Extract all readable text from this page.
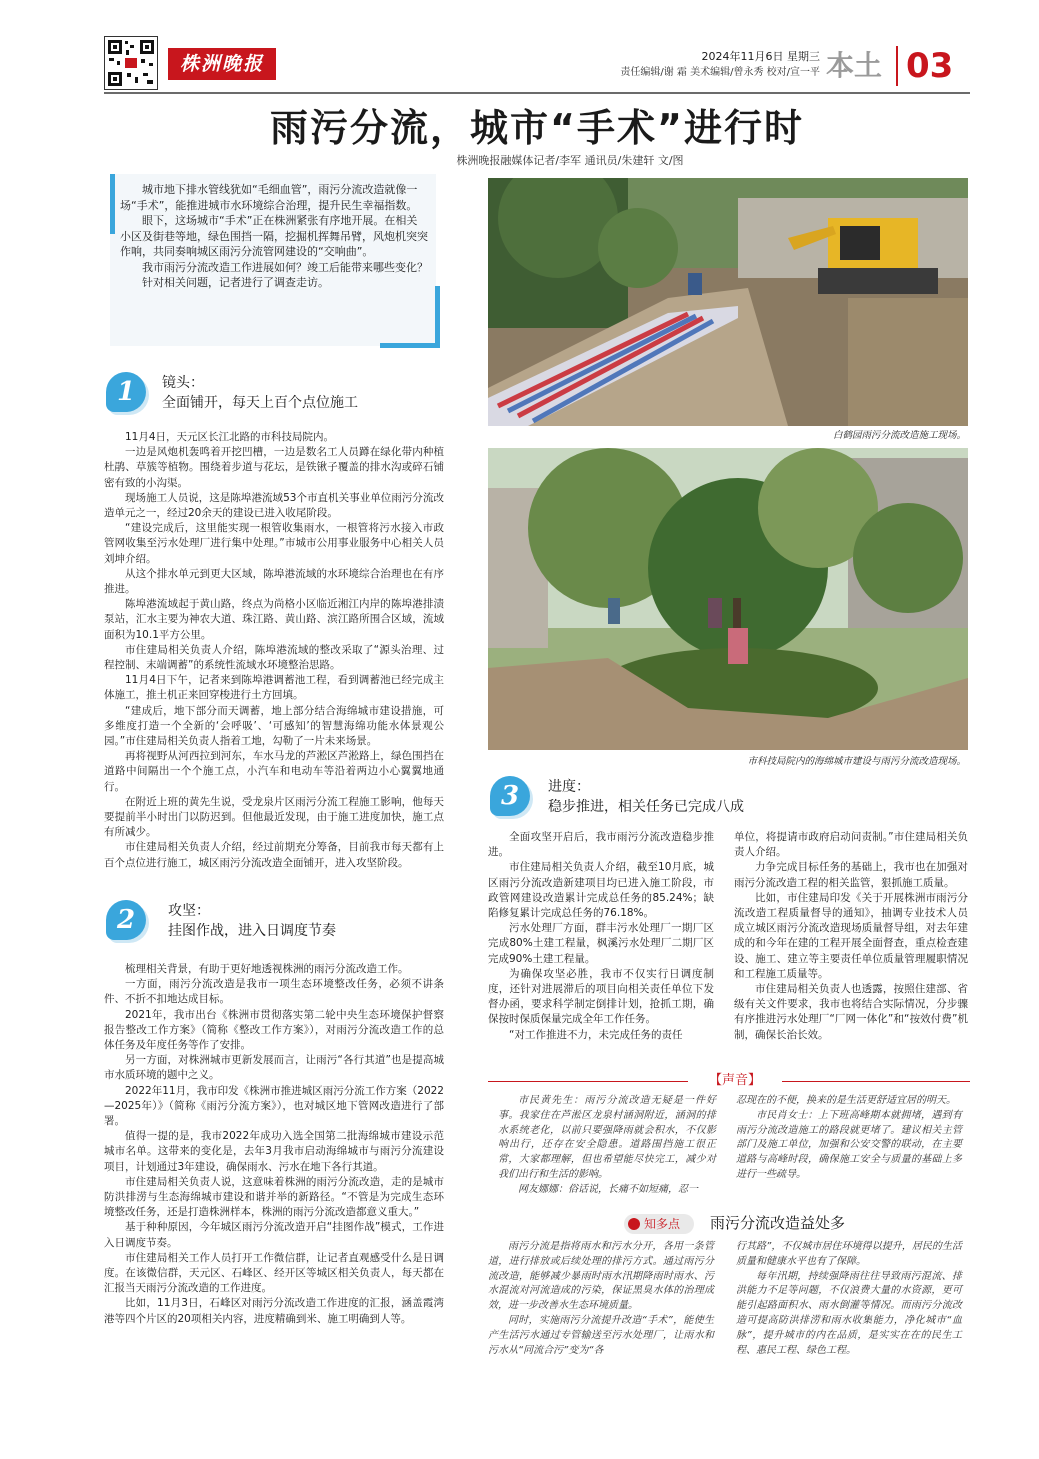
株洲晚报	2024年11月6日 星期三
责任编辑/谢 霜 美术编辑/曾永秀 校对/宣一平 本土 03
雨污分流，城市“手术”进行时
株洲晚报融媒体记者/李军 通讯员/朱建轩 文/图

城市地下排水管线犹如“毛细血管”，雨污分流改造就像一场“手术”，能推进城市水环境综合治理，提升民生幸福指数。

眼下，这场城市“手术”正在株洲紧张有序地开展。在相关小区及街巷等地，绿色围挡一隔，挖掘机挥舞吊臂，风炮机突突作响，共同奏响城区雨污分流管网建设的“交响曲”。

我市雨污分流改造工作进展如何？竣工后能带来哪些变化？

针对相关问题，记者进行了调查走访。

1	镜头：
全面铺开，每天上百个点位施工

11月4日，天元区长江北路的市科技局院内。

一边是风炮机轰鸣着开挖凹槽，一边是数名工人员蹲在绿化带内种植杜鹃、草簇等植物。围绕着步道与花坛，是铁锹子覆盖的排水沟或碎石铺密有致的小沟渠。

现场施工人员说，这是陈埠港流域53个市直机关事业单位雨污分流改造单元之一，经过20余天的建设已进入收尾阶段。

“建设完成后，这里能实现一根管收集雨水，一根管将污水接入市政管网收集至污水处理厂进行集中处理。”市城市公用事业服务中心相关人员刘坤介绍。

从这个排水单元到更大区域，陈埠港流域的水环境综合治理也在有序推进。

陈埠港流域起于黄山路，终点为尚格小区临近湘江内岸的陈埠港排渍泵站，汇水主要为神农大道、珠江路、黄山路、滨江路所围合区域，流域面积为10.1平方公里。

市住建局相关负责人介绍，陈埠港流域的整改采取了“源头治理、过程控制、末端调蓄”的系统性流域水环境整治思路。

11月4日下午，记者来到陈埠港调蓄池工程，看到调蓄池已经完成主体施工，推土机正来回穿梭进行土方回填。

“建成后，地下部分而天调蓄，地上部分结合海绵城市建设措施，可多维度打造一个全新的‘会呼吸’、‘可感知’的智慧海绵功能水体景观公园。”市住建局相关负责人指着工地，勾勒了一片未来场景。

再将视野从河西拉到河东，车水马龙的芦淞区芦淞路上，绿色围挡在道路中间隔出一个个施工点，小汽车和电动车等沿着两边小心翼翼地通行。

在附近上班的黄先生说，受龙泉片区雨污分流工程施工影响，他每天要提前半小时出门以防迟到。但他最近发现，由于施工进度加快，施工点有所减少。

市住建局相关负责人介绍，经过前期充分筹备，目前我市每天都有上百个点位进行施工，城区雨污分流改造全面铺开，进入攻坚阶段。

2	攻坚：
挂图作战，进入日调度节奏

梳理相关背景，有助于更好地透视株洲的雨污分流改造工作。

一方面，雨污分流改造是我市一项生态环境整改任务，必须不讲条件、不折不扣地达成目标。

2021年，我市出台《株洲市贯彻落实第二轮中央生态环境保护督察报告整改工作方案》（简称《整改工作方案》），对雨污分流改造工作的总体任务及年度任务等作了安排。

另一方面，对株洲城市更新发展而言，让雨污“各行其道”也是提高城市水质环境的题中之义。

2022年11月，我市印发《株洲市推进城区雨污分流工作方案（2022—2025年）》（简称《雨污分流方案》），也对城区地下管网改造进行了部署。

值得一提的是，我市2022年成功入选全国第二批海绵城市建设示范城市名单。这带来的变化是，去年3月我市启动海绵城市与雨污分流建设项目，计划通过3年建设，确保雨水、污水在地下各行其道。

市住建局相关负责人说，这意味着株洲的雨污分流改造，走的是城市防洪排涝与生态海绵城市建设和谐并举的新路径。“不管是为完成生态环境整改任务，还是打造株洲样本，株洲的雨污分流改造都意义重大。”

基于种种原因，今年城区雨污分流改造开启“挂图作战”模式，工作进入日调度节奏。

市住建局相关工作人员打开工作微信群，让记者直观感受什么是日调度。在该微信群，天元区、石峰区、经开区等城区相关负责人，每天都在汇报当天雨污分流改造的工作进度。

比如，11月3日，石峰区对雨污分流改造工作进度的汇报，涵盖霞湾港等四个片区的20项相关内容，进度精确到米、施工明确到人等。

白鹤园雨污分流改造施工现场。
市科技局院内的海绵城市建设与雨污分流改造现场。
3	进度：
稳步推进，相关任务已完成八成

全面攻坚开启后，我市雨污分流改造稳步推进。

市住建局相关负责人介绍，截至10月底，城区雨污分流改造新建项目均已进入施工阶段，市政管网建设改造累计完成总任务的85.24%；缺陷修复累计完成总任务的76.18%。

污水处理厂方面，群丰污水处理厂一期厂区完成80%土建工程量，枫溪污水处理厂二期厂区完成90%土建工程量。

为确保攻坚必胜，我市不仅实行日调度制度，还针对进展滞后的项目向相关责任单位下发督办函，要求科学制定倒排计划，抢抓工期，确保按时保质保量完成全年工作任务。

“对工作推进不力，未完成任务的责任

单位，将提请市政府启动问责制。”市住建局相关负责人介绍。

力争完成目标任务的基础上，我市也在加强对雨污分流改造工程的相关监管，狠抓施工质量。

比如，市住建局印发《关于开展株洲市雨污分流改造工程质量督导的通知》，抽调专业技术人员成立城区雨污分流改造现场质量督导组，对去年建成的和今年在建的工程开展全面督查，重点检查建设、施工、建立等主要责任单位质量管理履职情况和工程施工质量等。

市住建局相关负责人也透露，按照住建部、省级有关文件要求，我市也将结合实际情况，分步骤有序推进污水处理厂“厂网一体化”和“按效付费”机制，确保长治长效。

【声音】

市民黄先生：雨污分流改造无疑是一件好事。我家住在芦淞区龙泉村涵洞附近，涵洞的排水系统老化，以前只要强降雨就会积水，不仅影响出行，还存在安全隐患。道路围挡施工很正常，大家都理解，但也希望能尽快完工，减少对我们出行和生活的影响。

网友娜娜：俗话说，长痛不如短痛，忍一

忍现在的不便，换来的是生活更舒适宜居的明天。

市民肖女士：上下班高峰期本就拥堵，遇到有雨污分流改造施工的路段就更堵了。建议相关主管部门及施工单位，加强和公安交警的联动，在主要道路与高峰时段，确保施工安全与质量的基础上多进行一些疏导。

知多点	雨污分流改造益处多

雨污分流是指将雨水和污水分开，各用一条管道，进行排放或后续处理的排污方式。通过雨污分流改造，能够减少暴雨时雨水汛期降雨时雨水、污水混流对河流造成的污染，保证黑臭水体的治理成效，进一步改善水生态环境质量。

同时，实施雨污分流提升改造“手术”，能使生产生活污水通过专管输送至污水处理厂，让雨水和污水从“同流合污”变为“各

行其路”，不仅城市居住环境得以提升，居民的生活质量和健康水平也有了保障。

每年汛期，持续强降雨往往导致雨污混流、排洪能力不足等问题，不仅浪费大量的水资源，更可能引起路面积水、雨水倒灌等情况。而雨污分流改造可提高防洪排涝和雨水收集能力，净化城市“血脉”，提升城市的内在品质，是实实在在的民生工程、惠民工程、绿色工程。
